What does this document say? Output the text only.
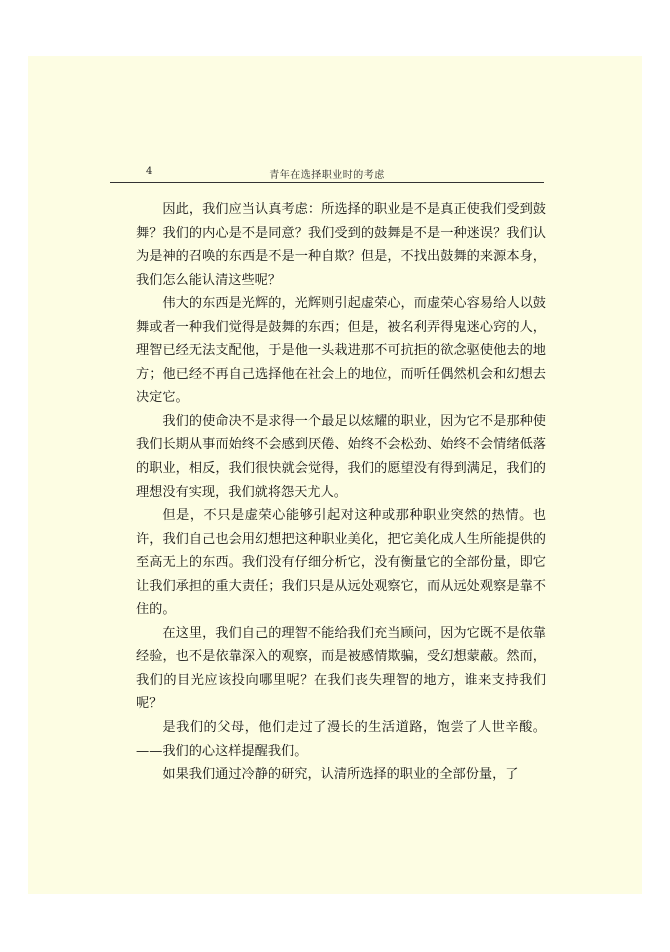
4	青年在选择职业时的考虑

因此，我们应当认真考虑：所选择的职业是不是真正使我们受到鼓舞？我们的内心是不是同意？我们受到的鼓舞是不是一种迷误？我们认为是神的召唤的东西是不是一种自欺？但是，不找出鼓舞的来源本身，我们怎么能认清这些呢？

伟大的东西是光辉的，光辉则引起虚荣心，而虚荣心容易给人以鼓舞或者一种我们觉得是鼓舞的东西；但是，被名利弄得鬼迷心窍的人，理智已经无法支配他，于是他一头栽进那不可抗拒的欲念驱使他去的地方；他已经不再自己选择他在社会上的地位，而听任偶然机会和幻想去决定它。

我们的使命决不是求得一个最足以炫耀的职业，因为它不是那种使我们长期从事而始终不会感到厌倦、始终不会松劲、始终不会情绪低落的职业，相反，我们很快就会觉得，我们的愿望没有得到满足，我们的理想没有实现，我们就将怨天尤人。

但是，不只是虚荣心能够引起对这种或那种职业突然的热情。也许，我们自己也会用幻想把这种职业美化，把它美化成人生所能提供的至高无上的东西。我们没有仔细分析它，没有衡量它的全部份量，即它让我们承担的重大责任；我们只是从远处观察它，而从远处观察是靠不住的。

在这里，我们自己的理智不能给我们充当顾问，因为它既不是依靠经验，也不是依靠深入的观察，而是被感情欺骗，受幻想蒙蔽。然而，我们的目光应该投向哪里呢？在我们丧失理智的地方，谁来支持我们呢？

是我们的父母，他们走过了漫长的生活道路，饱尝了人世辛酸。——我们的心这样提醒我们。

如果我们通过冷静的研究，认清所选择的职业的全部份量，了
